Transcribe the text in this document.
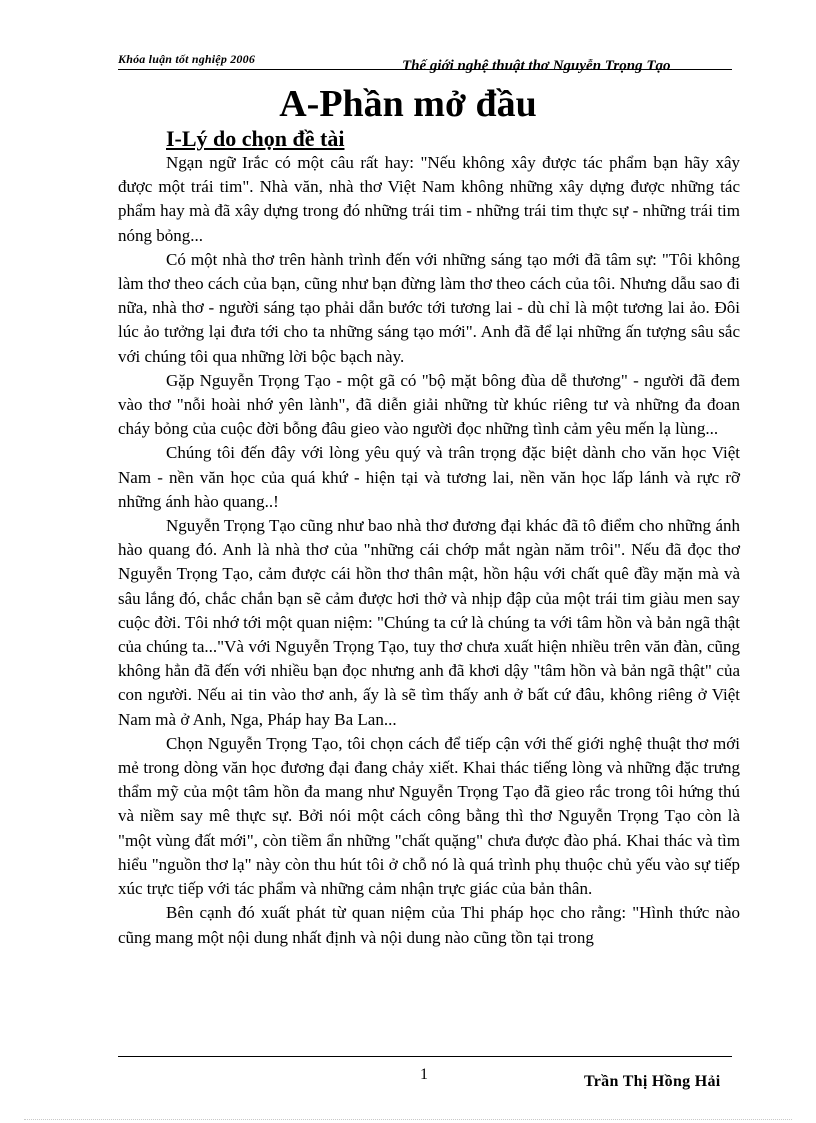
Khóa luận tốt nghiệp 2006	Thế giới nghệ thuật thơ Nguyễn Trọng Tạo
A-Phần mở đầu
I-Lý do chọn đề tài

Ngạn ngữ Irắc có một câu rất hay: "Nếu không xây được tác phẩm bạn hãy xây được một trái tim". Nhà văn, nhà thơ Việt Nam không những xây dựng được những tác phẩm hay mà đã xây dựng trong đó những trái tim - những trái tim thực sự - những trái tim nóng bỏng...

Có một nhà thơ trên hành trình đến với những sáng tạo mới đã tâm sự: "Tôi không làm thơ theo cách của bạn, cũng như bạn đừng làm thơ theo cách của tôi. Nhưng dẫu sao đi nữa, nhà thơ - người sáng tạo phải dẫn bước tới tương lai - dù chỉ là một tương lai ảo. Đôi lúc ảo tưởng lại đưa tới cho ta những sáng tạo mới". Anh đã để lại những ấn tượng sâu sắc với chúng tôi qua những lời bộc bạch này.

Gặp Nguyễn Trọng Tạo - một gã có "bộ mặt bông đùa dễ thương" - người đã đem vào thơ "nỗi hoài nhớ yên lành", đã diễn giải những từ khúc riêng tư và những đa đoan cháy bỏng của cuộc đời bỗng đâu gieo vào người đọc những tình cảm yêu mến lạ lùng...

Chúng tôi đến đây với lòng yêu quý và trân trọng đặc biệt dành cho văn học Việt Nam - nền văn học của quá khứ - hiện tại và tương lai, nền văn học lấp lánh và rực rỡ những ánh hào quang..!

Nguyễn Trọng Tạo cũng như bao nhà thơ đương đại khác đã tô điểm cho những ánh hào quang đó. Anh là nhà thơ của "những cái chớp mắt ngàn năm trôi". Nếu đã đọc thơ Nguyễn Trọng Tạo, cảm được cái hồn thơ thân mật, hồn hậu với chất quê đầy mặn mà và sâu lắng đó, chắc chắn bạn sẽ cảm được hơi thở và nhịp đập của một trái tim giàu men say cuộc đời. Tôi nhớ tới một quan niệm: "Chúng ta cứ là chúng ta với tâm hồn và bản ngã thật của chúng ta..."Và với Nguyễn Trọng Tạo, tuy thơ chưa xuất hiện nhiều trên văn đàn, cũng không hẳn đã đến với nhiều bạn đọc nhưng anh đã khơi dậy "tâm hồn và bản ngã thật" của con người. Nếu ai tin vào thơ anh, ấy là sẽ tìm thấy anh ở bất cứ đâu, không riêng ở Việt Nam mà ở Anh, Nga, Pháp hay Ba Lan...

Chọn Nguyễn Trọng Tạo, tôi chọn cách để tiếp cận với thế giới nghệ thuật thơ mới mẻ trong dòng văn học đương đại đang chảy xiết. Khai thác tiếng lòng và những đặc trưng thẩm mỹ của một tâm hồn đa mang như Nguyễn Trọng Tạo đã gieo rắc trong tôi hứng thú và niềm say mê thực sự. Bởi nói một cách công bằng thì thơ Nguyễn Trọng Tạo còn là "một vùng đất mới", còn tiềm ẩn những "chất quặng" chưa được đào phá. Khai thác và tìm hiểu "nguồn thơ lạ" này còn thu hút tôi ở chỗ nó là quá trình phụ thuộc chủ yếu vào sự tiếp xúc trực tiếp với tác phẩm và những cảm nhận trực giác của bản thân.

Bên cạnh đó xuất phát từ quan niệm của Thi pháp học cho rằng: "Hình thức nào cũng mang một nội dung nhất định và nội dung nào cũng tồn tại trong

1	Trần Thị Hồng Hải
